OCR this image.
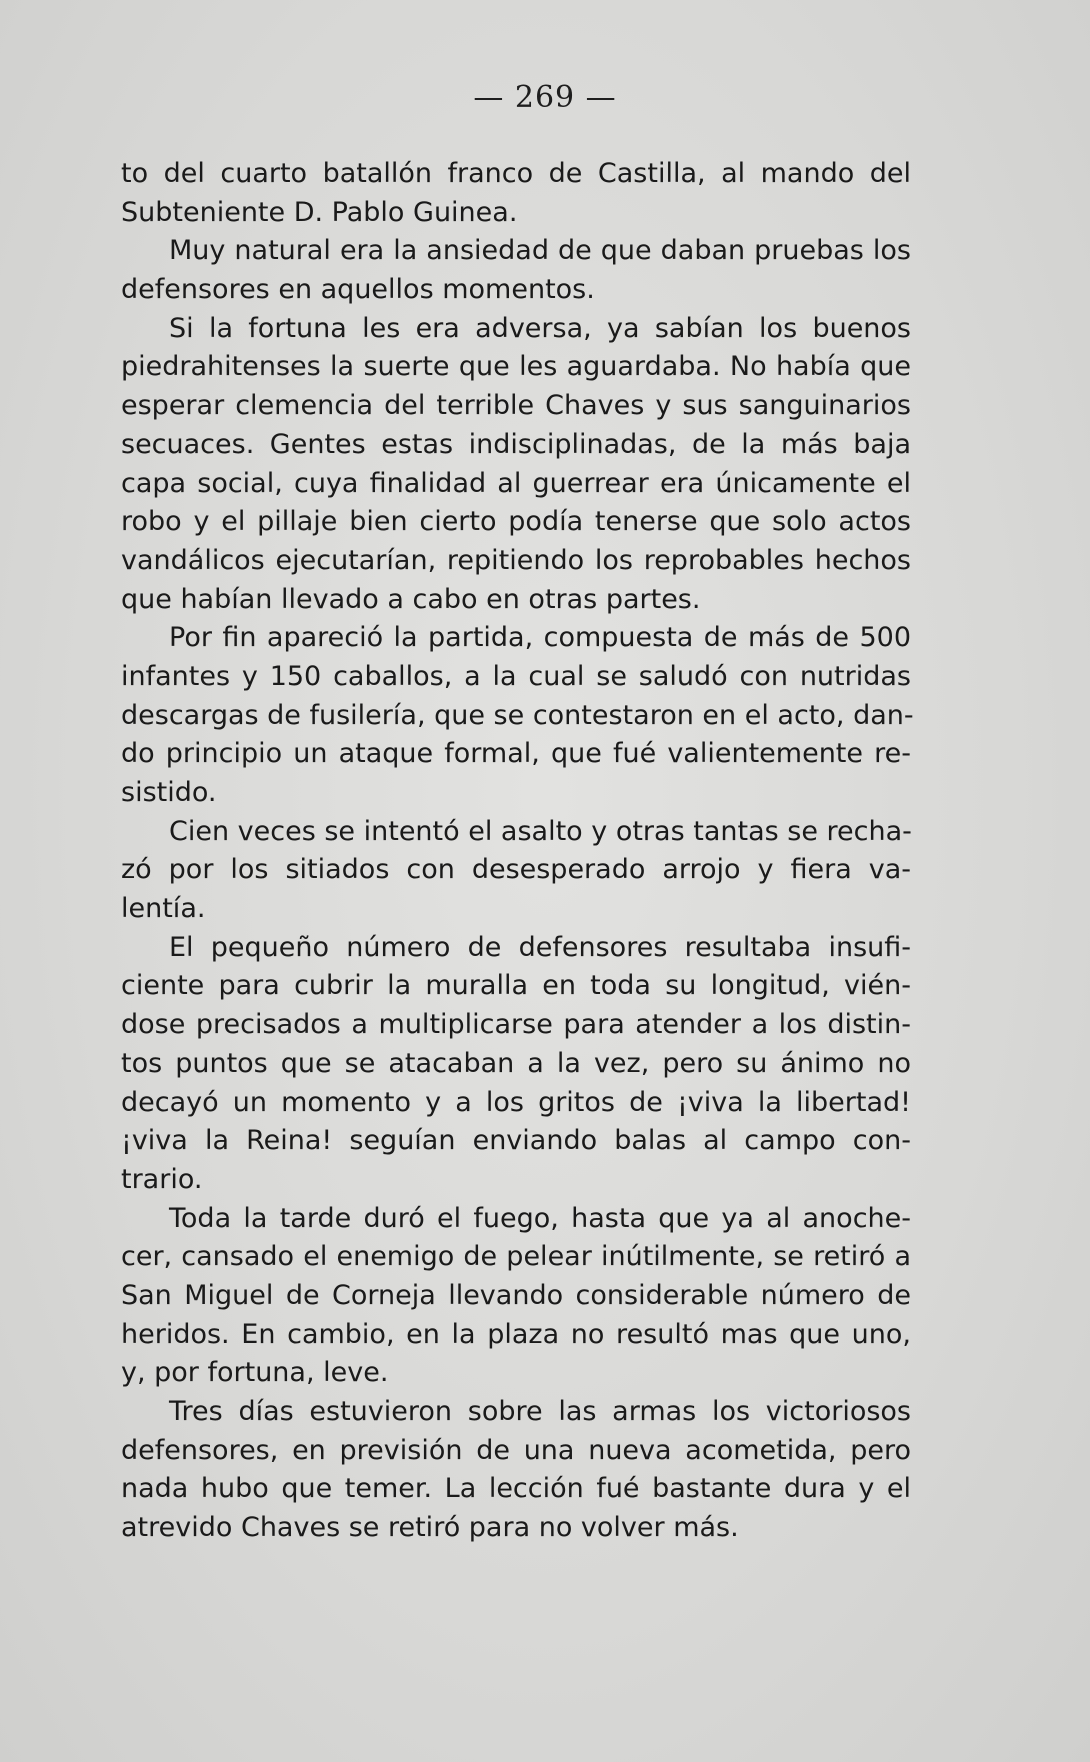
— 269 —
to del cuarto batallón franco de Castilla, al mando del
Subteniente D. Pablo Guinea.
Muy natural era la ansiedad de que daban pruebas los
defensores en aquellos momentos.
Si la fortuna les era adversa, ya sabían los buenos
piedrahitenses la suerte que les aguardaba. No había que
esperar clemencia del terrible Chaves y sus sanguinarios
secuaces. Gentes estas indisciplinadas, de la más baja
capa social, cuya finalidad al guerrear era únicamente el
robo y el pillaje bien cierto podía tenerse que solo actos
vandálicos ejecutarían, repitiendo los reprobables hechos
que habían llevado a cabo en otras partes.
Por fin apareció la partida, compuesta de más de 500
infantes y 150 caballos, a la cual se saludó con nutridas
descargas de fusilería, que se contestaron en el acto, dan-
do principio un ataque formal, que fué valientemente re-
sistido.
Cien veces se intentó el asalto y otras tantas se recha-
zó por los sitiados con desesperado arrojo y fiera va-
lentía.
El pequeño número de defensores resultaba insufi-
ciente para cubrir la muralla en toda su longitud, vién-
dose precisados a multiplicarse para atender a los distin-
tos puntos que se atacaban a la vez, pero su ánimo no
decayó un momento y a los gritos de ¡viva la libertad!
¡viva la Reina! seguían enviando balas al campo con-
trario.
Toda la tarde duró el fuego, hasta que ya al anoche-
cer, cansado el enemigo de pelear inútilmente, se retiró a
San Miguel de Corneja llevando considerable número de
heridos. En cambio, en la plaza no resultó mas que uno,
y, por fortuna, leve.
Tres días estuvieron sobre las armas los victoriosos
defensores, en previsión de una nueva acometida, pero
nada hubo que temer. La lección fué bastante dura y el
atrevido Chaves se retiró para no volver más.
